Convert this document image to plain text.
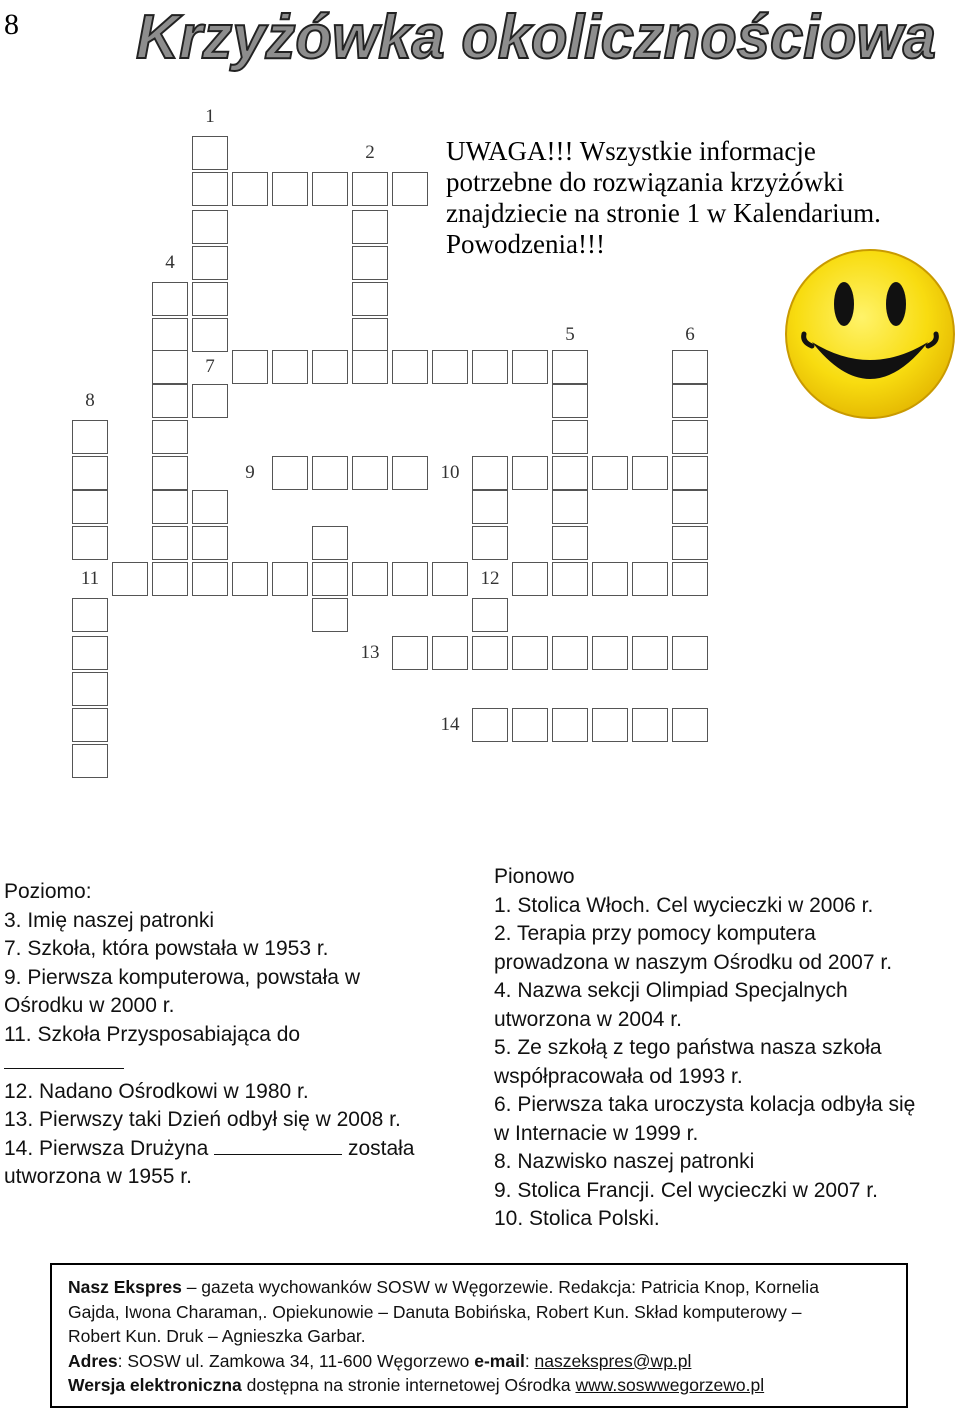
8 Krzyżówka okolicznościowa
1
7
2
4
5	6
8
11
9	10
12
13
14
UWAGA!!! Wszystkie informacje
potrzebne do rozwiązania krzyżówki
znajdziecie na stronie 1 w Kalendarium.
Powodzenia!!!
Poziomo:
3. Imię naszej patronki
7. Szkoła, która powstała w 1953 r.
9. Pierwsza komputerowa, powstała w
Ośrodku w 2000 r.
11. Szkoła Przysposabiająca do
12. Nadano Ośrodkowi w 1980 r.
13. Pierwszy taki Dzień odbył się w 2008 r.
14. Pierwsza Drużyna	została
utworzona w 1955 r.
Pionowo
1. Stolica Włoch. Cel wycieczki w 2006 r.
2. Terapia przy pomocy komputera
prowadzona w naszym Ośrodku od 2007 r.
4. Nazwa sekcji Olimpiad Specjalnych
utworzona w 2004 r.
5. Ze szkołą z tego państwa nasza szkoła
współpracowała od 1993 r.
6. Pierwsza taka uroczysta kolacja odbyła się
w Internacie w 1999 r.
8. Nazwisko naszej patronki
9. Stolica Francji. Cel wycieczki w 2007 r.
10. Stolica Polski.
Nasz Ekspres – gazeta wychowanków SOSW w Węgorzewie. Redakcja: Patricia Knop, Kornelia
Gajda, Iwona Charaman,. Opiekunowie – Danuta Bobińska, Robert Kun. Skład komputerowy –
Robert Kun. Druk – Agnieszka Garbar.
Adres: SOSW ul. Zamkowa 34, 11-600 Węgorzewo e-mail: naszekspres@wp.pl
Wersja elektroniczna dostępna na stronie internetowej Ośrodka www.soswwegorzewo.pl
